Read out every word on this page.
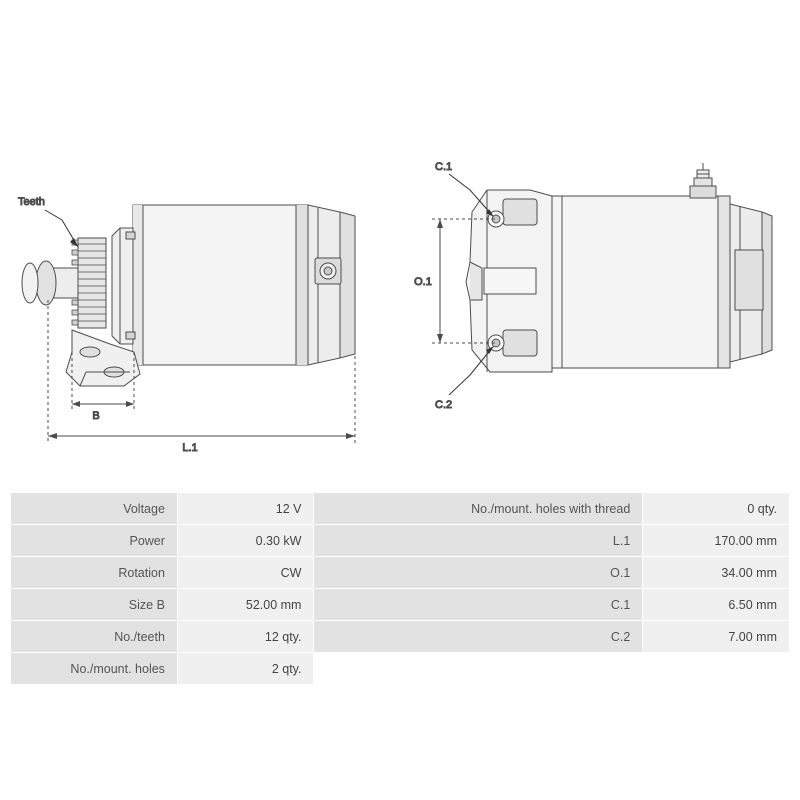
Teeth
B
L.1
C.1
C.2
O.1
Voltage	12 V	No./mount. holes with thread	0 qty.
Power	0.30 kW	L.1	170.00 mm
Rotation	CW	O.1	34.00 mm
Size B	52.00 mm	C.1	6.50 mm
No./teeth	12 qty.	C.2	7.00 mm
No./mount. holes	2 qty.		
